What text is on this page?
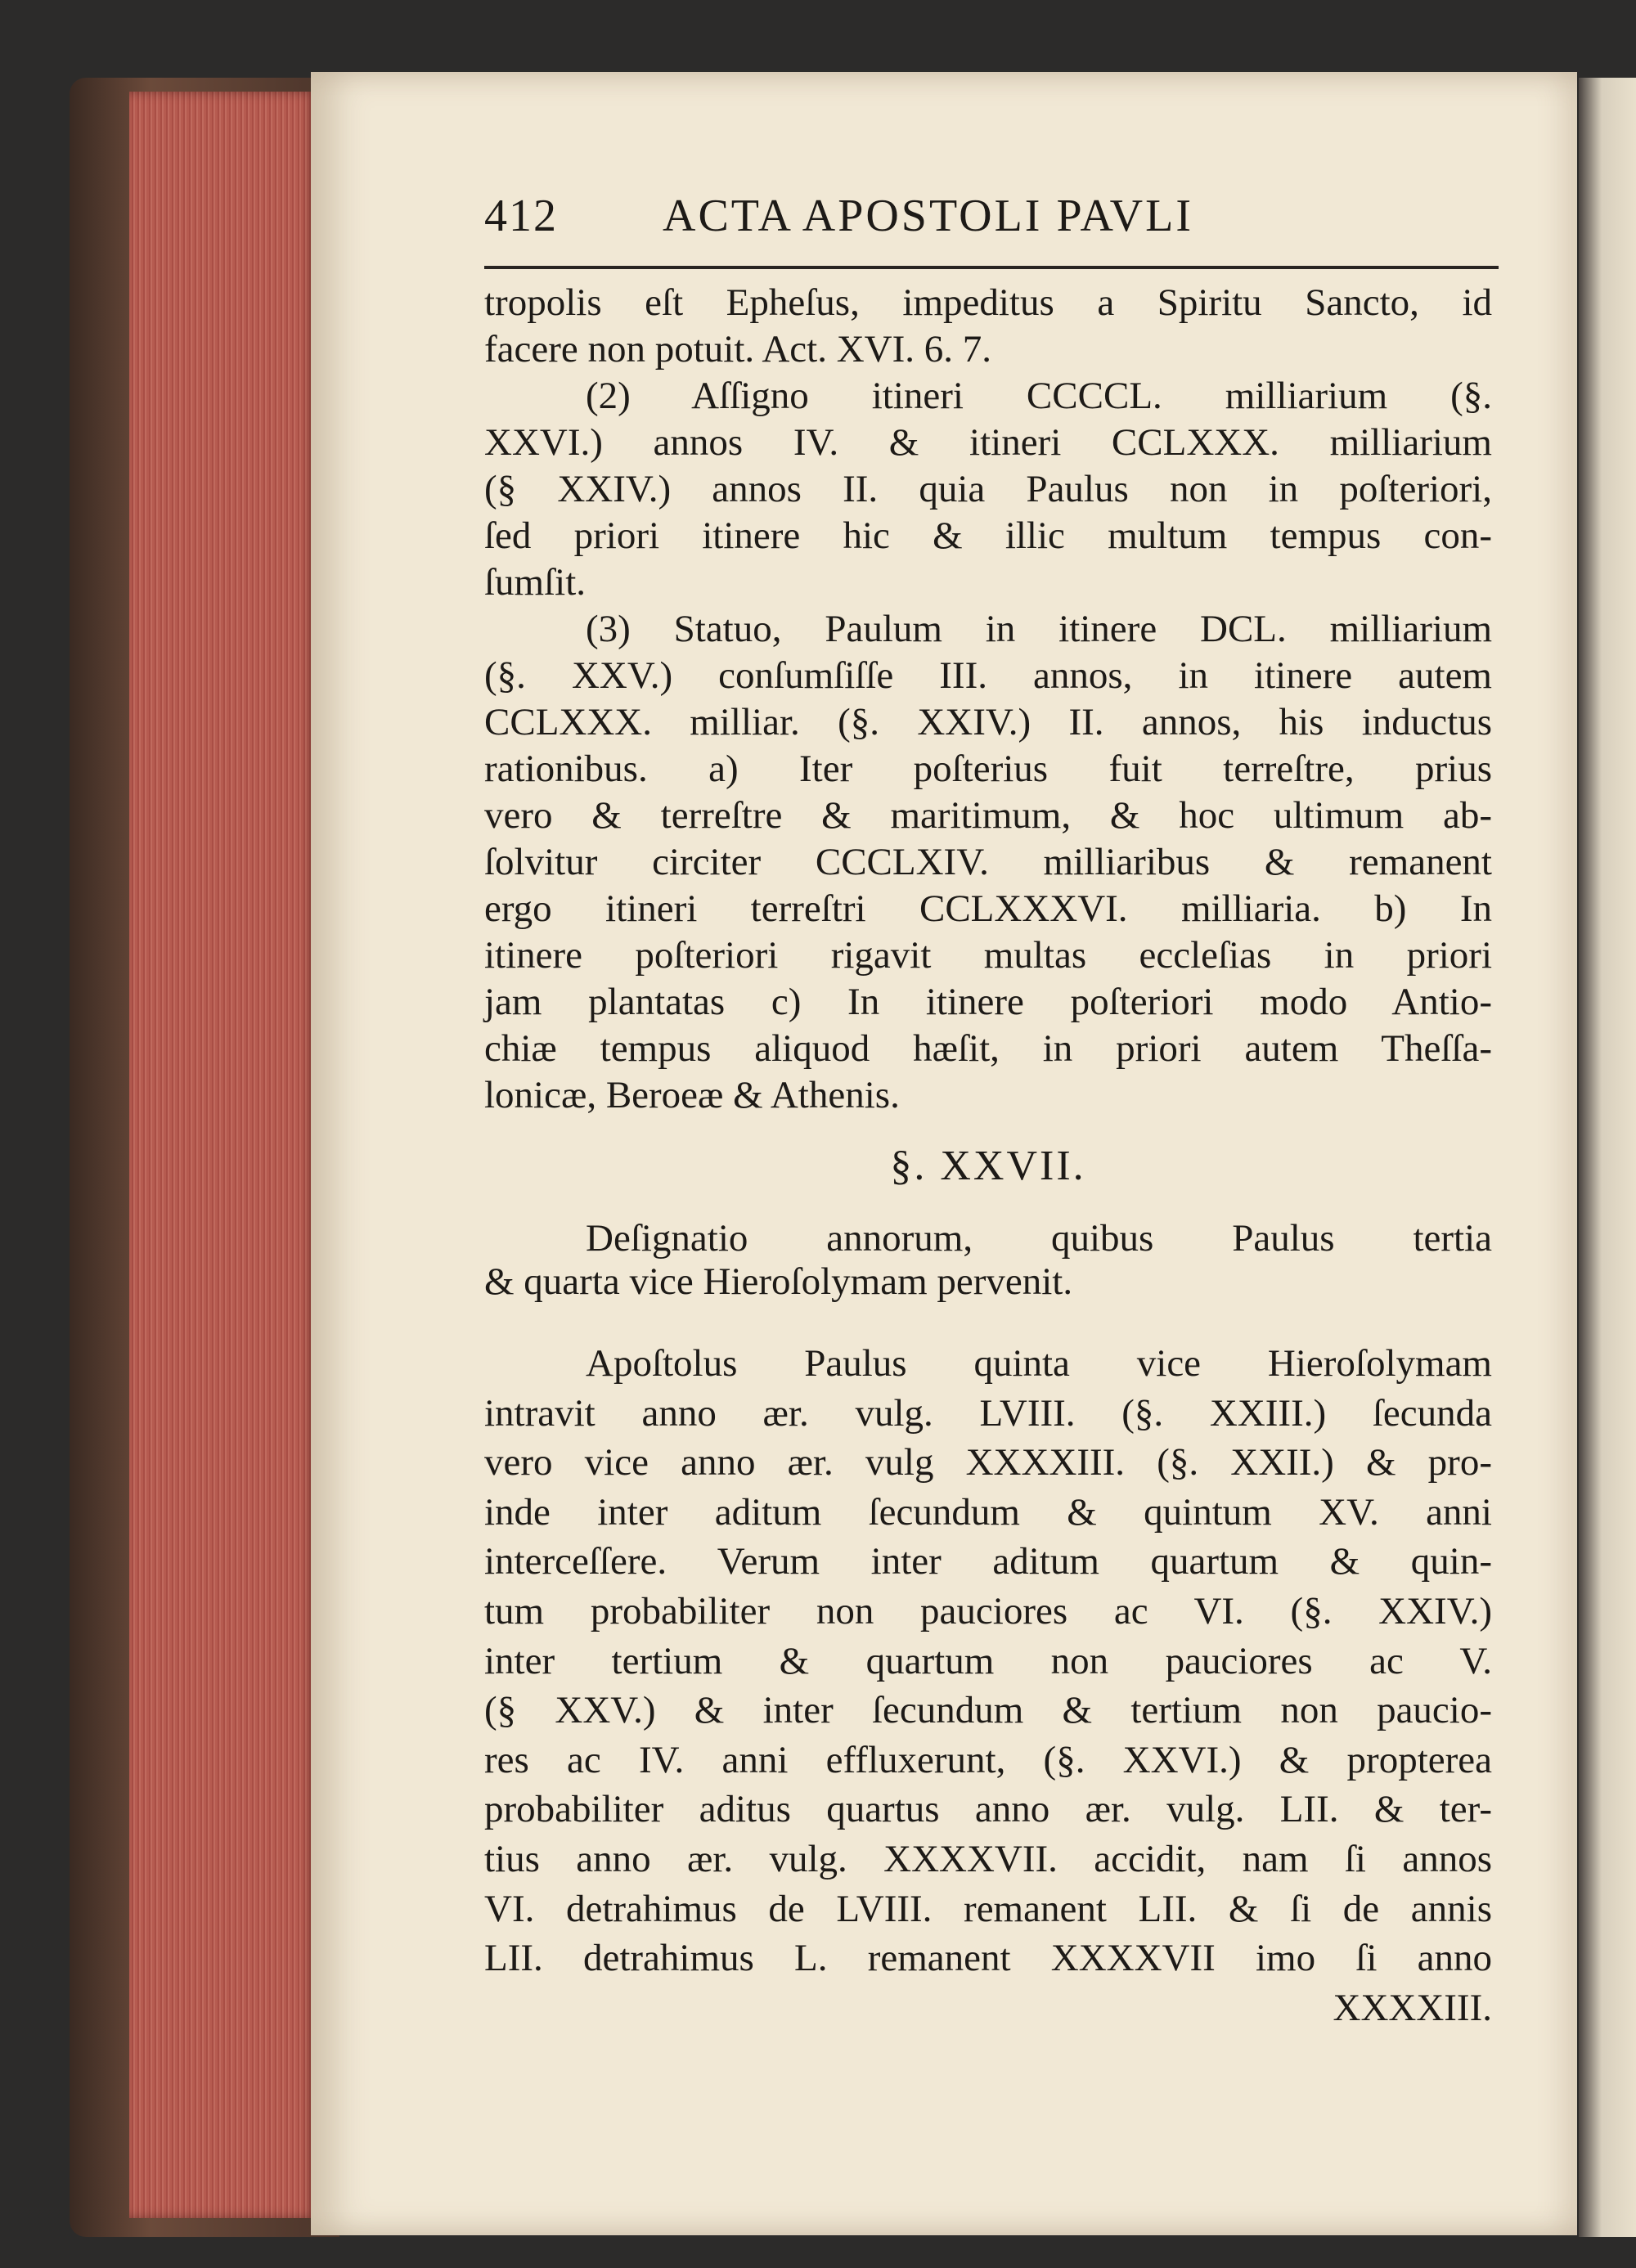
412 ACTA APOSTOLI PAVLI
tropolis eſt Epheſus, impeditus a Spiritu Sancto, id
facere non potuit. Act. XVI. 6. 7.
(2) Aſſigno itineri CCCCL. milliarium (§.
XXVI.) annos IV. & itineri CCLXXX. milliarium
(§ XXIV.) annos II. quia Paulus non in poſteriori,
ſed priori itinere hic & illic multum tempus con-
ſumſit.
(3) Statuo, Paulum in itinere DCL. milliarium
(§. XXV.) conſumſiſſe III. annos, in itinere autem
CCLXXX. milliar. (§. XXIV.) II. annos, his inductus
rationibus. a) Iter poſterius fuit terreſtre, prius
vero & terreſtre & maritimum, & hoc ultimum ab-
ſolvitur circiter CCCLXIV. milliaribus & remanent
ergo itineri terreſtri CCLXXXVI. milliaria. b) In
itinere poſteriori rigavit multas eccleſias in priori
jam plantatas c) In itinere poſteriori modo Antio-
chiæ tempus aliquod hæſit, in priori autem Theſſa-
lonicæ, Beroeæ & Athenis.
§. XXVII.
Deſignatio annorum, quibus Paulus tertia
& quarta vice Hieroſolymam pervenit.
Apoſtolus Paulus quinta vice Hieroſolymam
intravit anno ær. vulg. LVIII. (§. XXIII.) ſecunda
vero vice anno ær. vulg XXXXIII. (§. XXII.) & pro-
inde inter aditum ſecundum & quintum XV. anni
interceſſere. Verum inter aditum quartum & quin-
tum probabiliter non pauciores ac VI. (§. XXIV.)
inter tertium & quartum non pauciores ac V.
(§ XXV.) & inter ſecundum & tertium non paucio-
res ac IV. anni effluxerunt, (§. XXVI.) & propterea
probabiliter aditus quartus anno ær. vulg. LII. & ter-
tius anno ær. vulg. XXXXVII. accidit, nam ſi annos
VI. detrahimus de LVIII. remanent LII. & ſi de annis
LII. detrahimus L. remanent XXXXVII imo ſi anno
XXXXIII.
